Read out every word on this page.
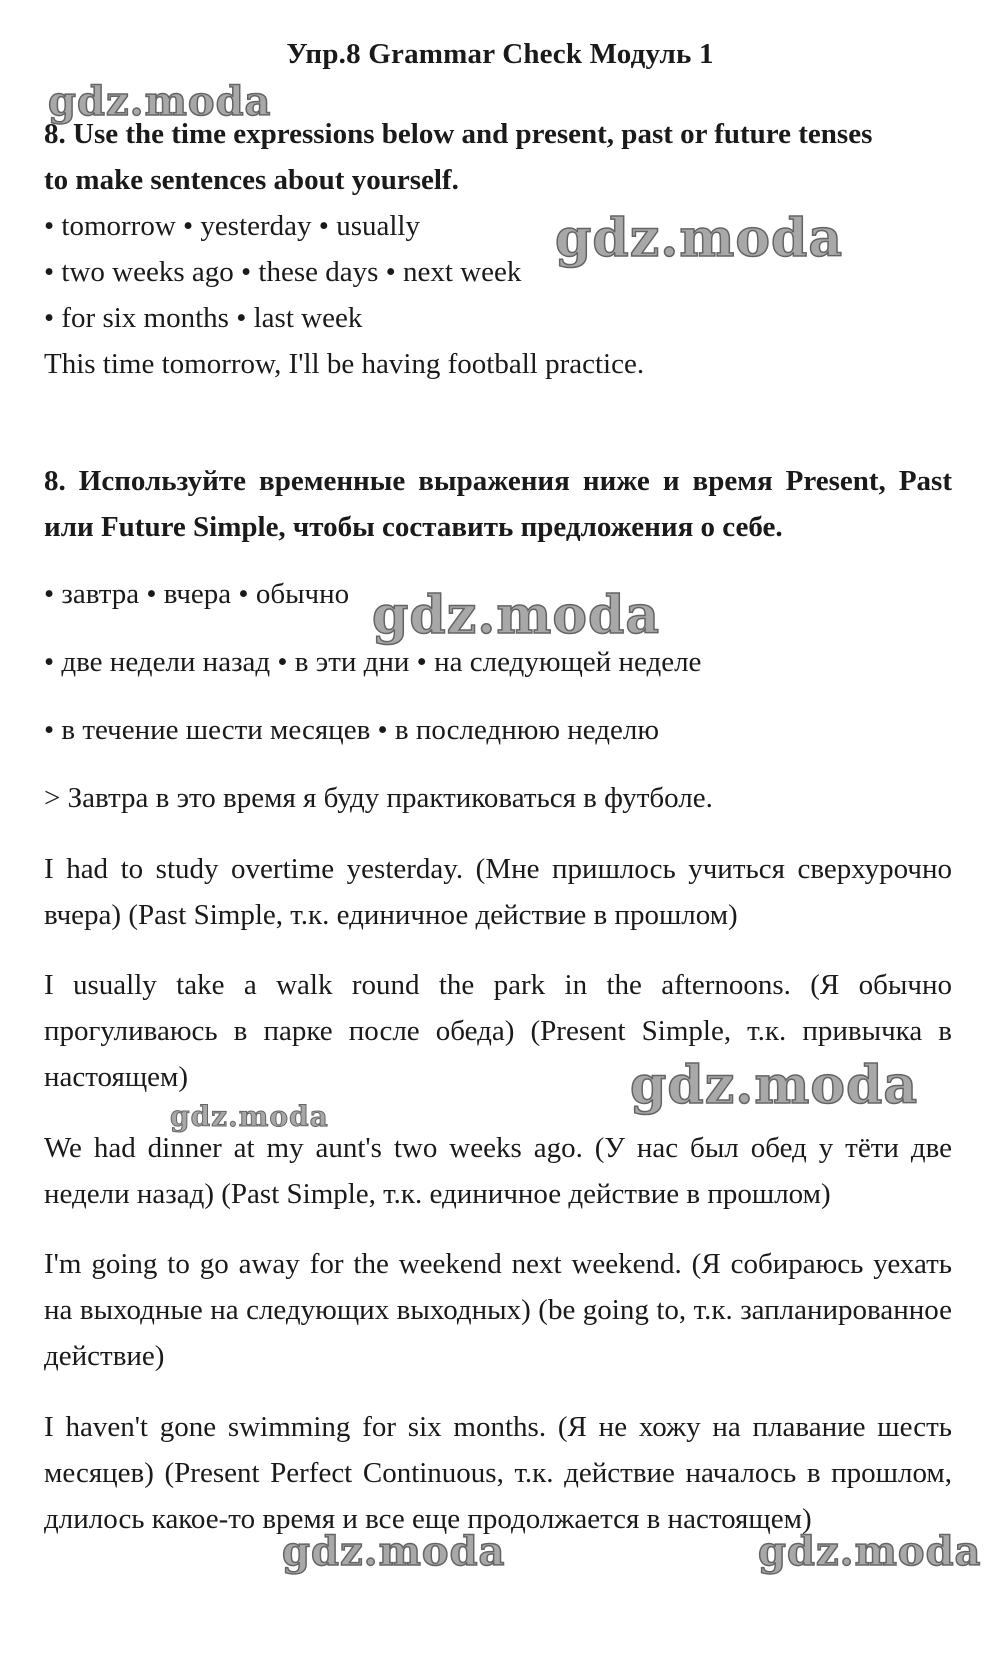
Упр.8 Grammar Check Модуль 1
8. Use the time expressions below and present, past or future tenses
to make sentences about yourself.
• tomorrow • yesterday • usually
• two weeks ago • these days • next week
• for six months • last week
This time tomorrow, I'll be having football practice.
8. Используйте временные выражения ниже и время Present, Past или Future Simple, чтобы составить предложения о себе.
• завтра • вчера • обычно
• две недели назад • в эти дни • на следующей неделе
• в течение шести месяцев • в последнюю неделю
> Завтра в это время я буду практиковаться в футболе.
I had to study overtime yesterday. (Мне пришлось учиться сверхурочно вчера) (Past Simple, т.к. единичное действие в прошлом)
I usually take a walk round the park in the afternoons. (Я обычно прогуливаюсь в парке после обеда) (Present Simple, т.к. привычка в настоящем)
We had dinner at my aunt's two weeks ago. (У нас был обед у тёти две недели назад) (Past Simple, т.к. единичное действие в прошлом)
I'm going to go away for the weekend next weekend. (Я собираюсь уехать на выходные на следующих выходных) (be going to, т.к. запланированное действие)
I haven't gone swimming for six months. (Я не хожу на плавание шесть месяцев) (Present Perfect Continuous, т.к. действие началось в прошлом, длилось какое-то время и все еще продолжается в настоящем)
gdz.moda
gdz.moda
gdz.moda
gdz.moda
gdz.moda
gdz.moda	gdz.moda
